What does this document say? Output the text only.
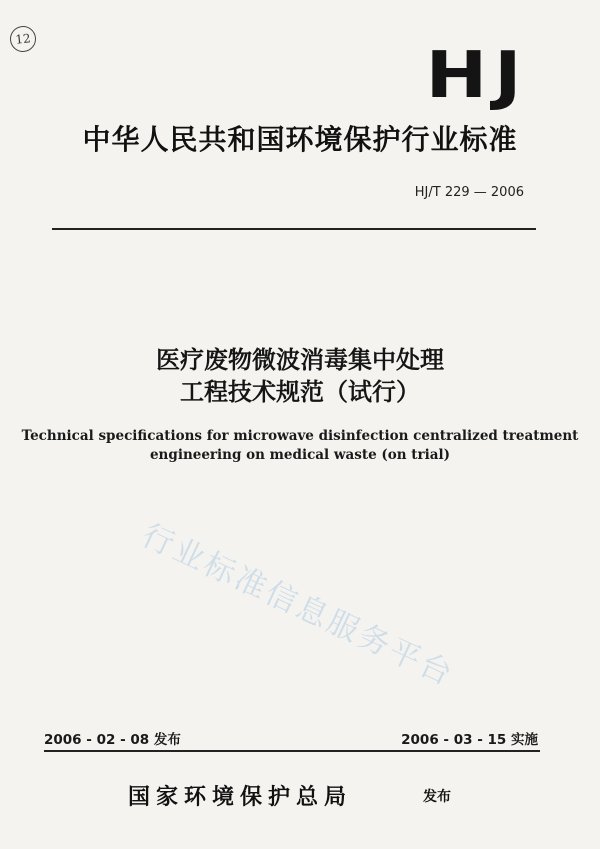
12
HJ
中华人民共和国环境保护行业标准
HJ/T 229 — 2006
医疗废物微波消毒集中处理
工程技术规范（试行）
Technical specifications for microwave disinfection centralized treatment
engineering on medical waste (on trial)
行业标准信息服务平台
2006 - 02 - 08 发布	2006 - 03 - 15 实施
国家环境保护总局	发布
